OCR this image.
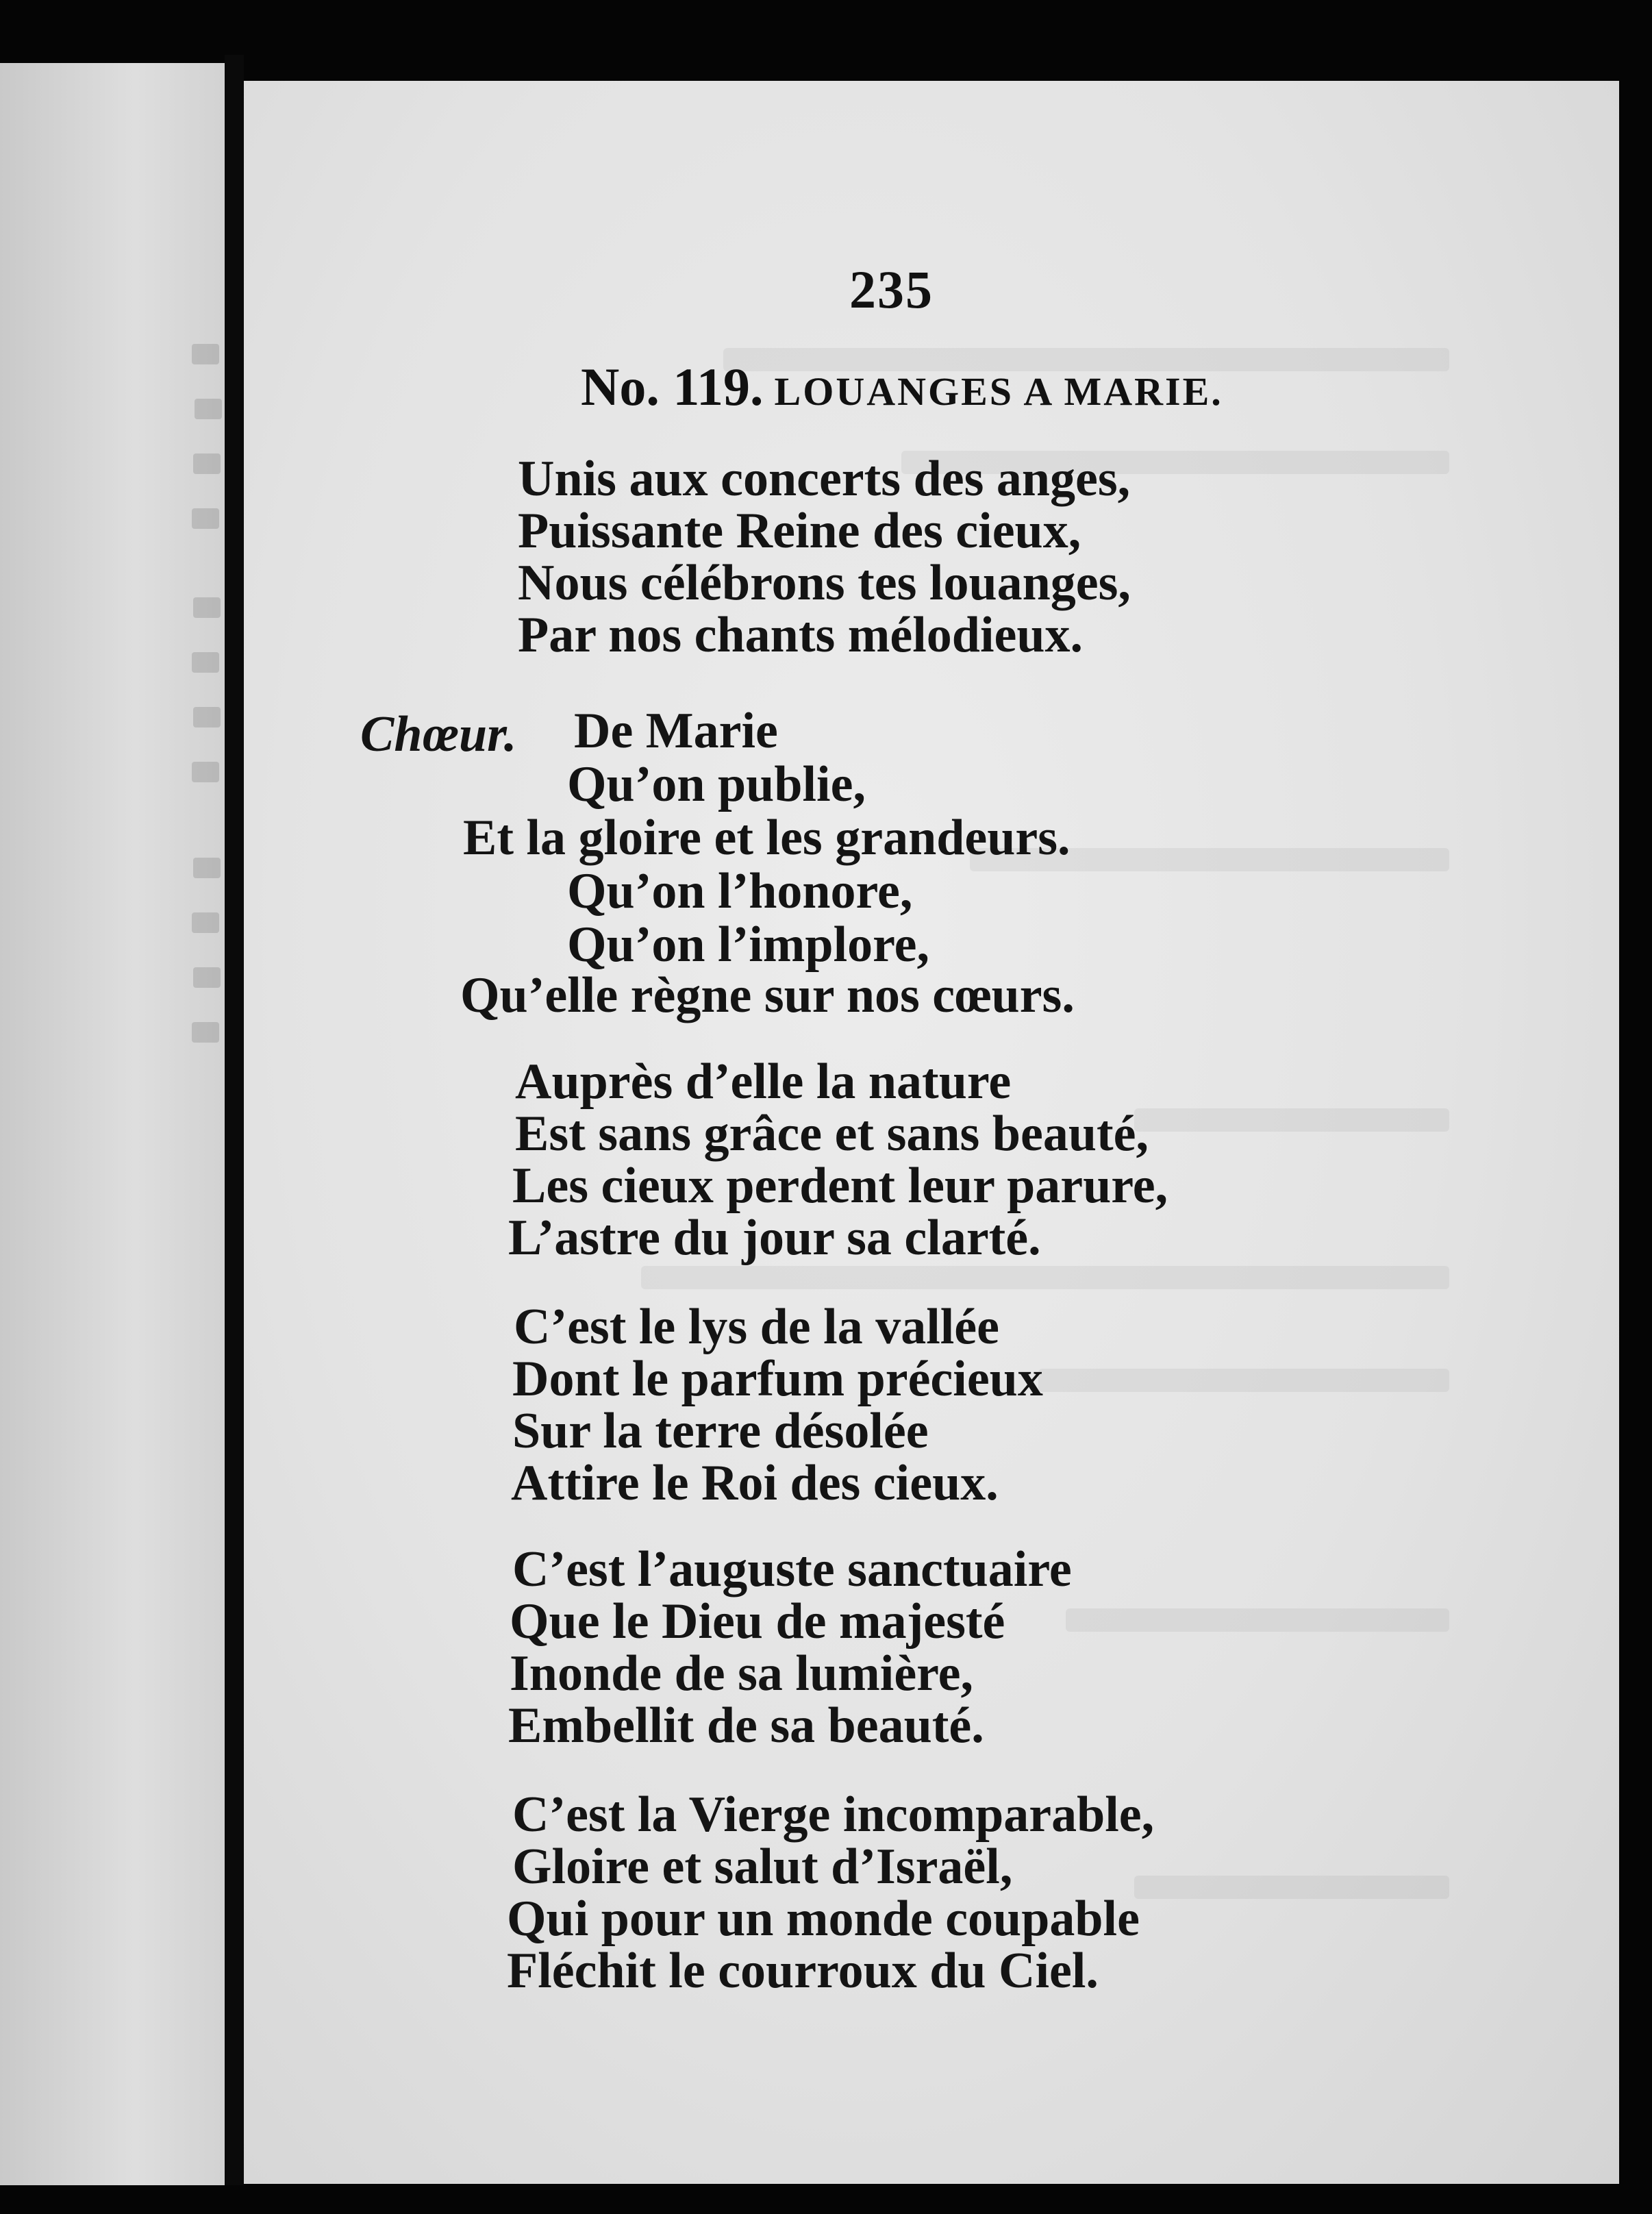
235
No. 119. LOUANGES A MARIE.
Unis aux concerts des anges,
Puissante Reine des cieux,
Nous célébrons tes louanges,
Par nos chants mélodieux.
Chœur. De Marie
Qu’on publie,
Et la gloire et les grandeurs.
Qu’on l’honore,
Qu’on l’implore,
Qu’elle règne sur nos cœurs.
Auprès d’elle la nature
Est sans grâce et sans beauté,
Les cieux perdent leur parure,
L’astre du jour sa clarté.
C’est le lys de la vallée
Dont le parfum précieux
Sur la terre désolée
Attire le Roi des cieux.
C’est l’auguste sanctuaire
Que le Dieu de majesté
Inonde de sa lumière,
Embellit de sa beauté.
C’est la Vierge incomparable,
Gloire et salut d’Israël,
Qui pour un monde coupable
Fléchit le courroux du Ciel.
